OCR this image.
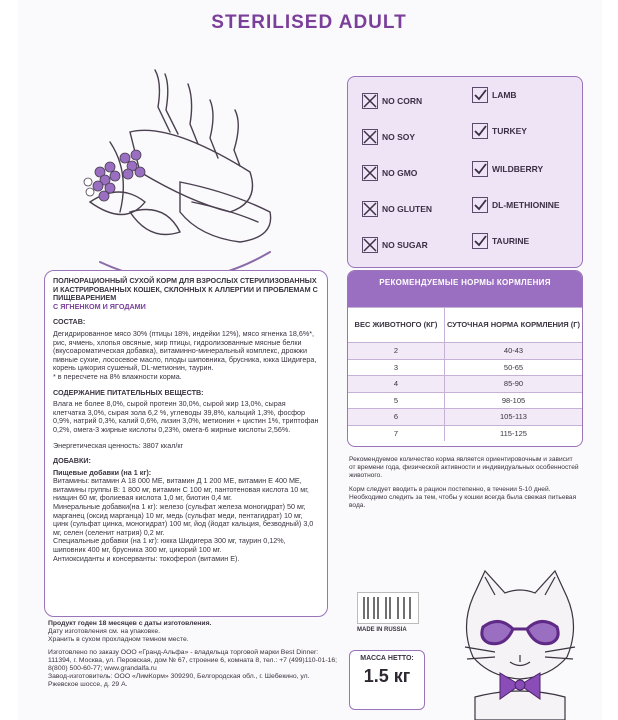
STERILISED ADULT
NO CORN
NO SOY
NO GMO
NO GLUTEN
NO SUGAR
LAMB
TURKEY
WILDBERRY
DL-METHIONINE
TAURINE

ПОЛНОРАЦИОННЫЙ СУХОЙ КОРМ ДЛЯ ВЗРОСЛЫХ СТЕРИЛИЗОВАННЫХ И КАСТРИРОВАННЫХ КОШЕК, СКЛОННЫХ К АЛЛЕРГИИ И ПРОБЛЕМАМ С ПИЩЕВАРЕНИЕМ

С ЯГНЕНКОМ И ЯГОДАМИ

СОСТАВ:

Дегидрированное мясо 30% (птицы 18%, индейки 12%), мясо ягненка 18,6%*, рис, ячмень, хлопья овсяные, жир птицы, гидролизованные мясные белки (вкусоароматическая добавка), витаминно-минеральный комплекс, дрожжи пивные сухие, лососевое масло, плоды шиповника, брусника, юкка Шидигера, корень цикория сушеный, DL-метионин, таурин.

* в пересчете на 8% влажности корма.

СОДЕРЖАНИЕ ПИТАТЕЛЬНЫХ ВЕЩЕСТВ:

Влага не более 8,0%, сырой протеин 30,0%, сырой жир 13,0%, сырая клетчатка 3,0%, сырая зола 6,2 %, углеводы 39,8%, кальций 1,3%, фосфор 0,9%, натрий 0,3%, калий 0,6%, лизин 3,0%, метионин + цистин 1%, триптофан 0,2%, омега-3 жирные кислоты 0,23%, омега-6 жирные кислоты 2,56%.

Энергетическая ценность: 3807 ккал/кг

ДОБАВКИ:

Пищевые добавки (на 1 кг):

Витамины: витамин А 18 000 МЕ, витамин Д 1 200 МЕ, витамин Е 400 МЕ, витамины группы В: 1 800 мг, витамин С 100 мг, пантотеновая кислота 10 мг, ниацин 60 мг, фолиевая кислота 1,0 мг, биотин 0,4 мг.

Минеральные добавки(на 1 кг): железо (сульфат железа моногидрат) 50 мг, марганец (оксид марганца) 10 мг, медь (сульфат меди, пентагидрат) 10 мг, цинк (сульфат цинка, моногидрат) 100 мг, йод (йодат кальция, безводный) 3,0 мг, селен (селенит натрия) 0,2 мг.

Специальные добавки (на 1 кг): юкка Шидигера 300 мг, таурин 0,12%, шиповник 400 мг, брусника 300 мг, цикорий 100 мг.

Антиоксиданты и консерванты: токоферол (витамин Е).

РЕКОМЕНДУЕМЫЕ НОРМЫ КОРМЛЕНИЯ
ВЕС ЖИВОТНОГО (КГ)	СУТОЧНАЯ НОРМА КОРМЛЕНИЯ (Г)
2	40-43
3	50-65
4	85-90
5	98-105
6	105-113
7	115-125

Рекомендуемое количество корма является ориентировочным и зависит от времени года, физической активности и индивидуальных особенностей животного.

Корм следует вводить в рацион постепенно, в течении 5-10 дней. Необходимо следить за тем, чтобы у кошки всегда была свежая питьевая вода.

Продукт годен 18 месяцев с даты изготовления.

Дату изготовления см. на упаковке.

Хранить в сухом прохладном темном месте.

Изготовлено по заказу ООО «Гранд-Альфа» - владельца торговой марки Best Dinner: 111394, г. Москва, ул. Перовская, дом № 67, строение 6, комната 8, тел.: +7 (499)110-01-16; 8(800) 500-60-77; www.grandalfa.ru

Завод-изготовитель: ООО «ЛимКорм» 309290, Белгородская обл., г. Шебекино, ул. Ржевское шоссе, д. 29 А.

MADE IN RUSSIA
МАССА НЕТТО:
1.5 кг
